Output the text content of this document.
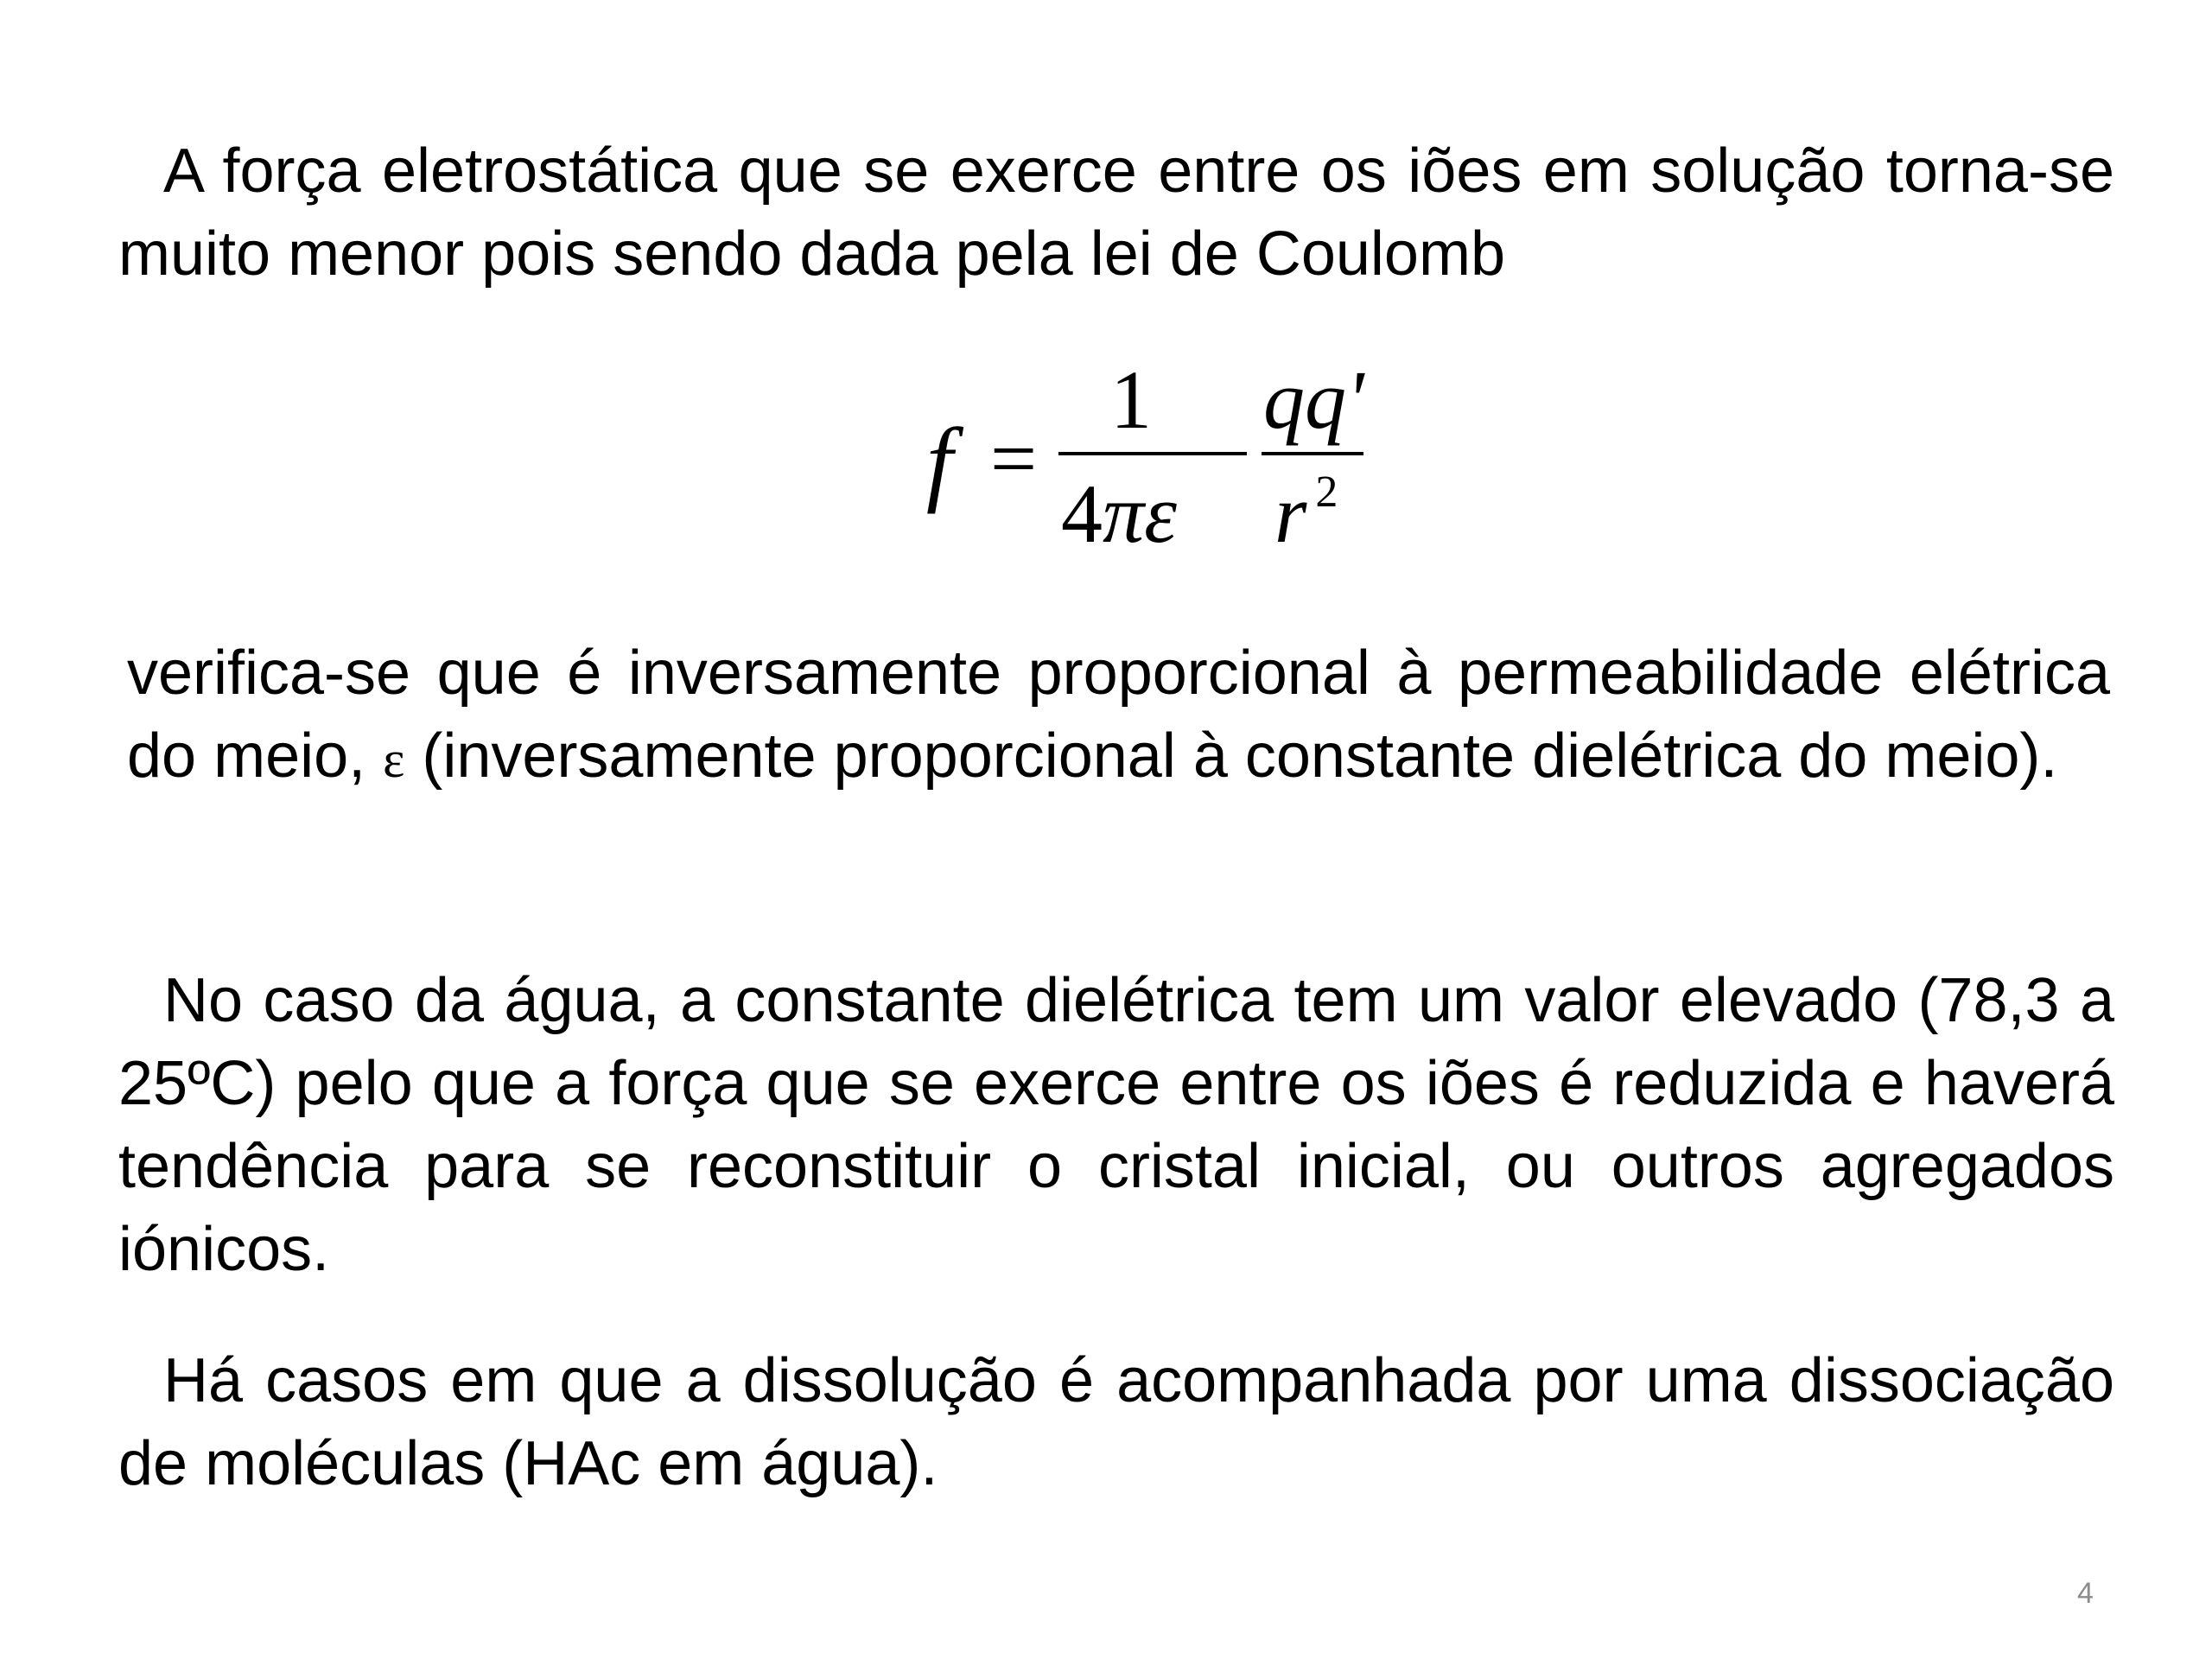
A força eletrostática que se exerce entre os iões em solução torna-se muito menor pois sendo dada pela lei de Coulomb

f =
1
4πε
qq'
r $^2$

verifica-se que é inversamente proporcional à permeabilidade elétrica do meio, ε (inversamente proporcional à constante dielétrica do meio).

No caso da água, a constante dielétrica tem um valor elevado (78,3 a 25ºC) pelo que a força que se exerce entre os iões é reduzida e haverá tendência para se reconstituir o cristal inicial, ou outros agregados iónicos.

Há casos em que a dissolução é acompanhada por uma dissociação de moléculas (HAc em água).

4
